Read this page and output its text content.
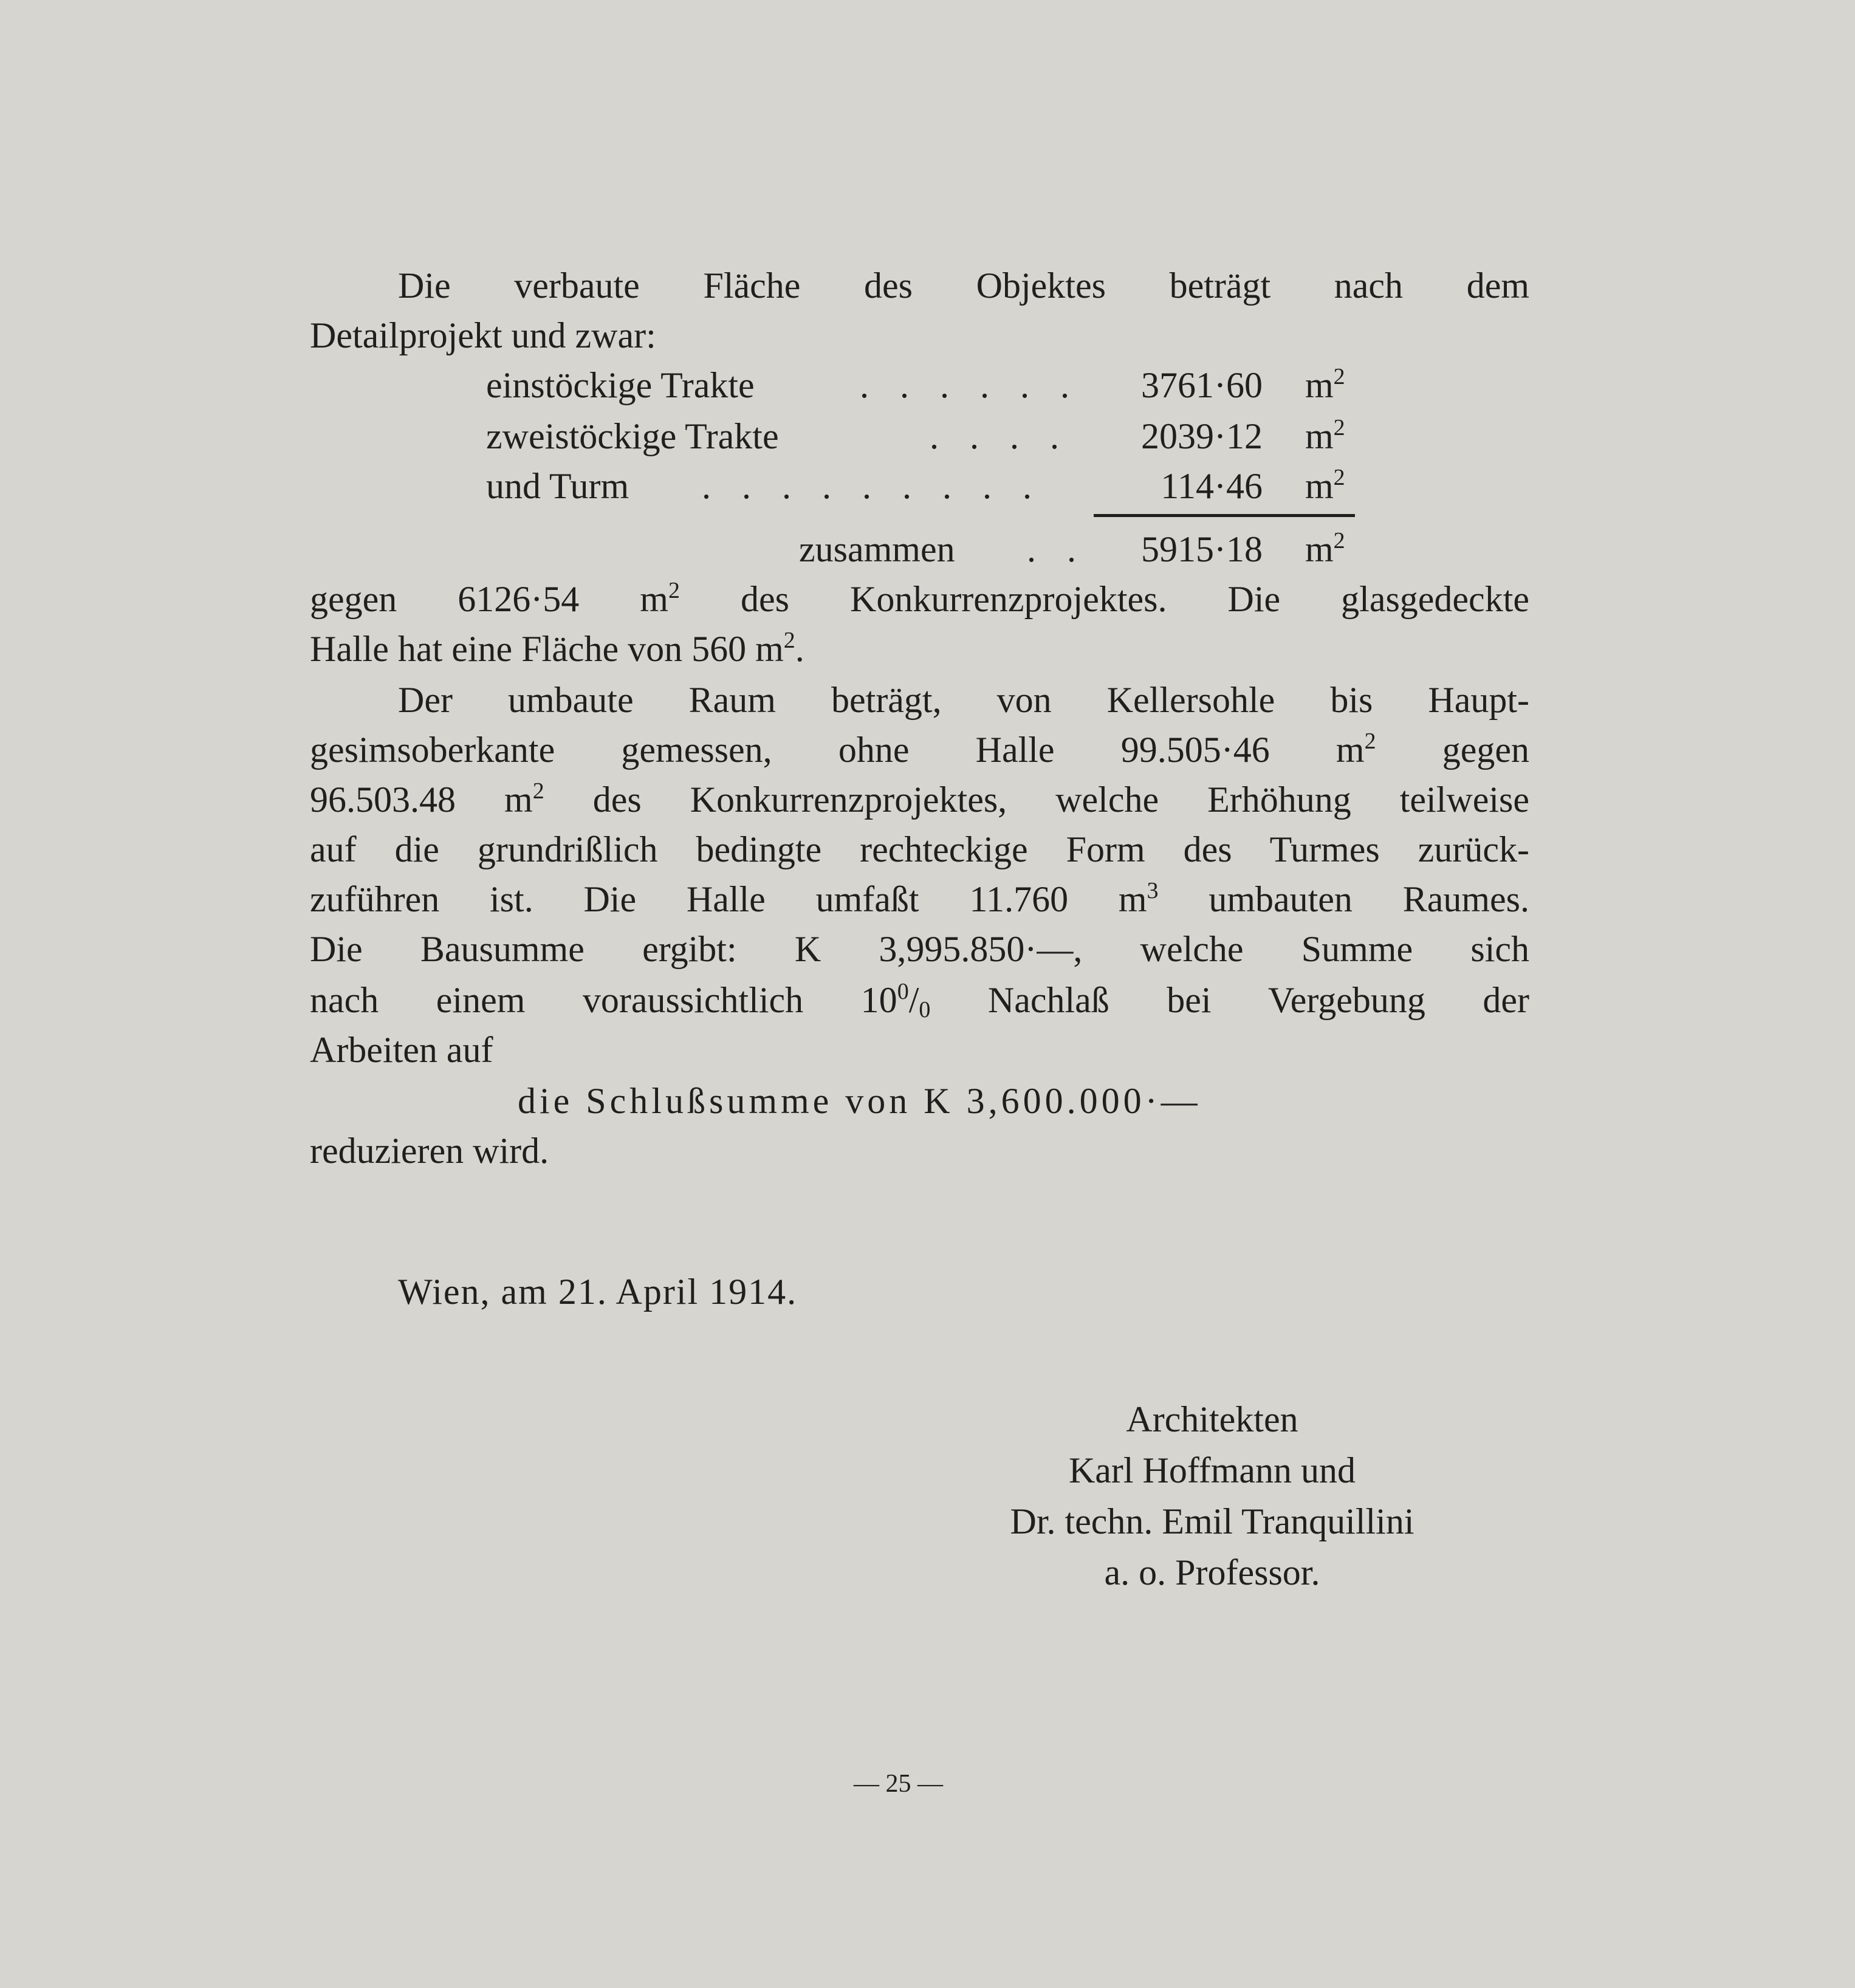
Die verbaute Fläche des Objektes beträgt nach dem
Detailprojekt und zwar:
einstöckige Trakte	. . . . . .	3761·60 $m^2$
zweistöckige Trakte	. . . .	2039·12 $m^2$
und Turm . . . . . . . . .	114·46 $m^2$
zusammen . .	5915·18 $m^2$
gegen 6126·54 $m^2$ des Konkurrenzprojektes. Die glasgedeckte
Halle hat eine Fläche von 560 $m^2$.
Der umbaute Raum beträgt, von Kellersohle bis Haupt-
gesimsoberkante gemessen, ohne Halle 99.505·46 $m^2$ gegen
96.503.48 $m^2$ des Konkurrenzprojektes, welche Erhöhung teilweise
auf die grundrißlich bedingte rechteckige Form des Turmes zurück-
zuführen ist. Die Halle umfaßt 11.760 $m^3$ umbauten Raumes.
Die Bausumme ergibt: K 3,995.850·—, welche Summe sich
nach einem voraussichtlich $10^0/_0$ Nachlaß bei Vergebung der
Arbeiten auf
die Schlußsumme von K 3,600.000·—
reduzieren wird.
Wien, am 21. April 1914.
Architekten
Karl Hoffmann und
Dr. techn. Emil Tranquillini
a. o. Professor.
— 25 —
